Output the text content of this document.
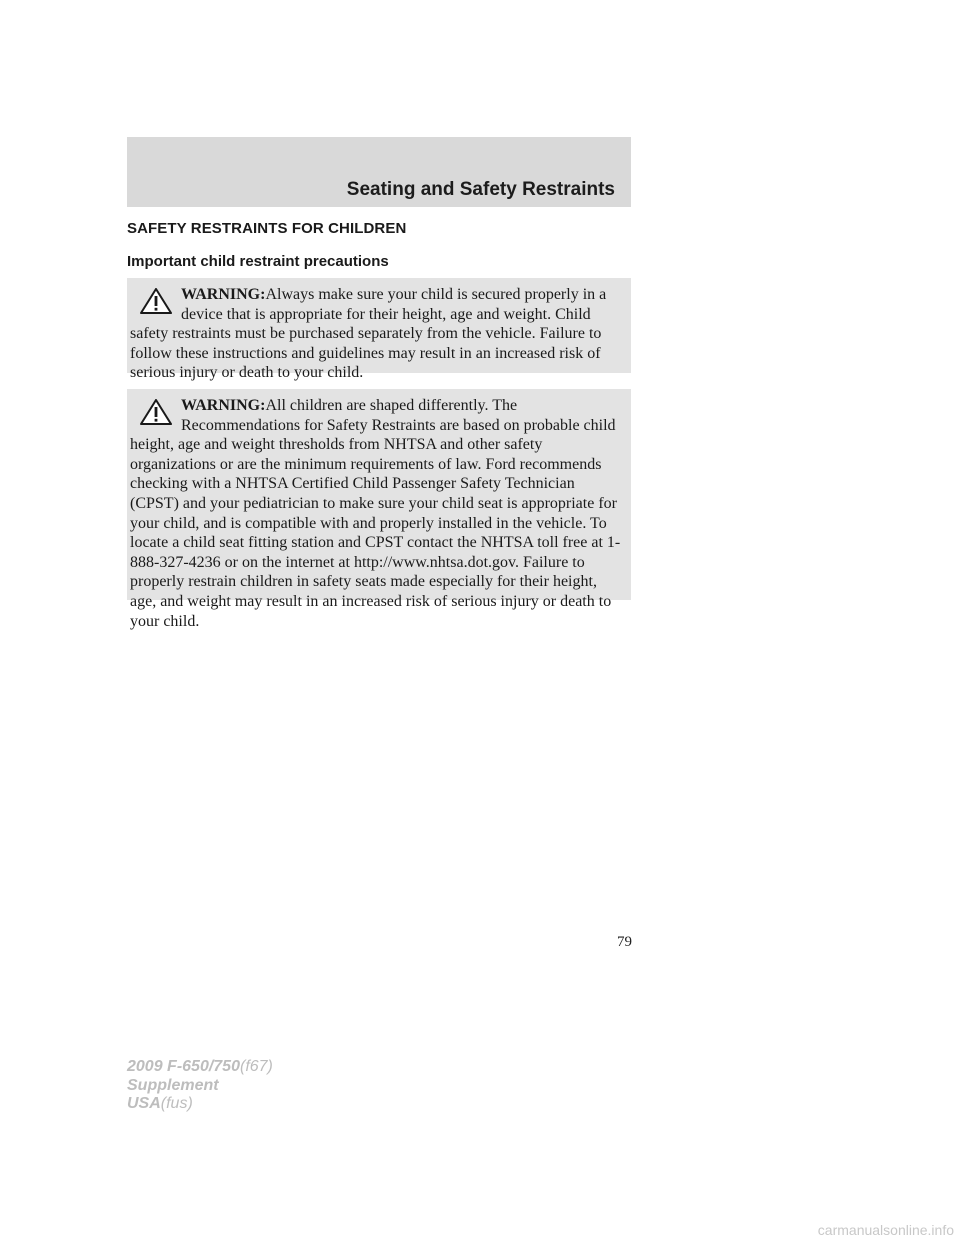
Seating and Safety Restraints
SAFETY RESTRAINTS FOR CHILDREN
Important child restraint precautions
WARNING:Always make sure your child is secured properly in a device that is appropriate for their height, age and weight. Child safety restraints must be purchased separately from the vehicle. Failure to follow these instructions and guidelines may result in an increased risk of serious injury or death to your child.
WARNING:All children are shaped differently. The Recommendations for Safety Restraints are based on probable child height, age and weight thresholds from NHTSA and other safety organizations or are the minimum requirements of law. Ford recommends checking with a NHTSA Certified Child Passenger Safety Technician (CPST) and your pediatrician to make sure your child seat is appropriate for your child, and is compatible with and properly installed in the vehicle. To locate a child seat fitting station and CPST contact the NHTSA toll free at 1-888-327-4236 or on the internet at http://www.nhtsa.dot.gov. Failure to properly restrain children in safety seats made especially for their height, age, and weight may result in an increased risk of serious injury or death to your child.
79
2009 F-650/750(f67)
Supplement
USA(fus)
carmanualsonline.info
